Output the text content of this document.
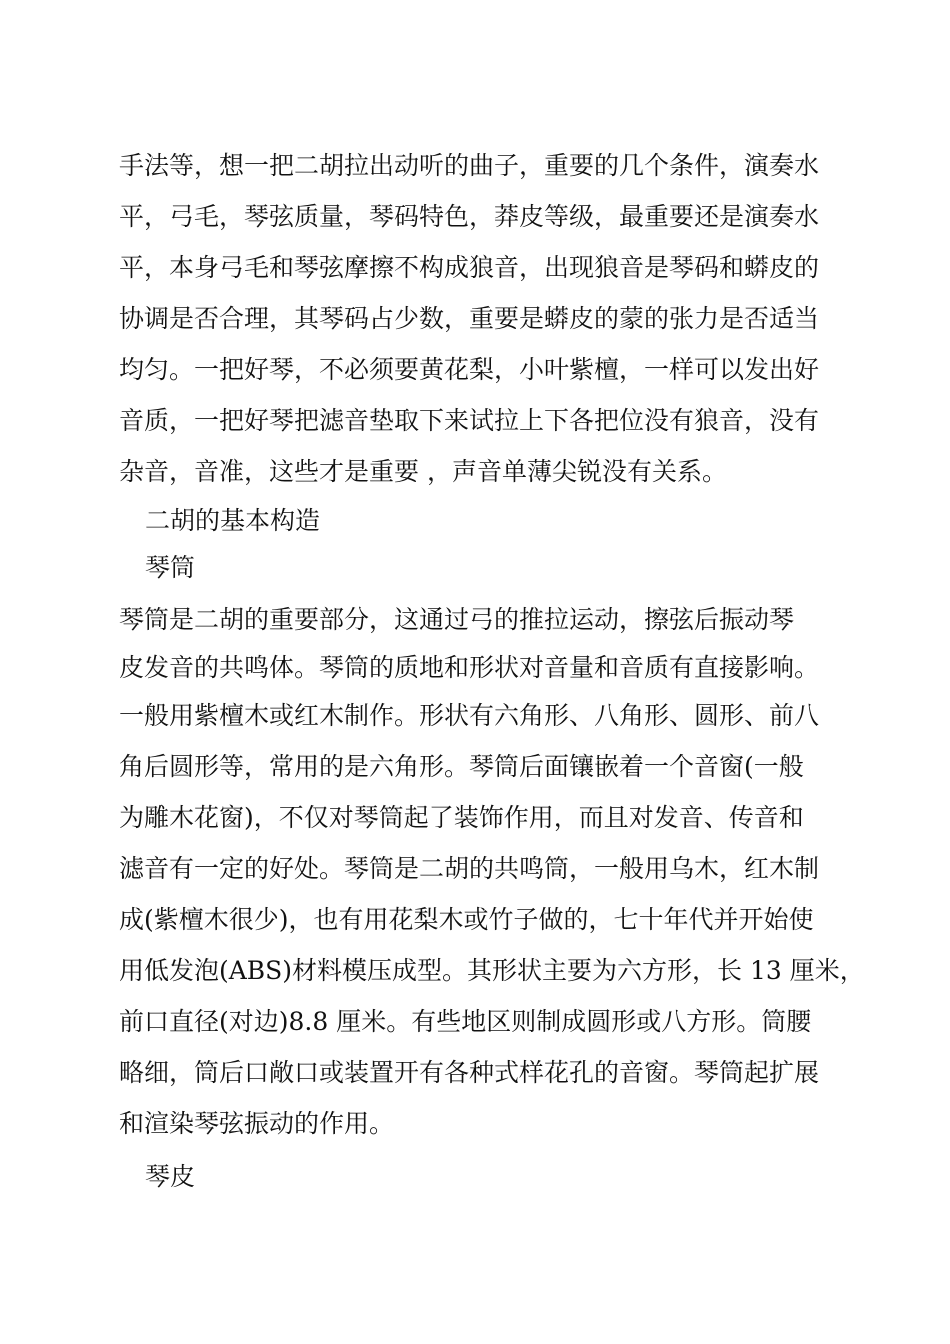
手法等，想一把二胡拉出动听的曲子，重要的几个条件，演奏水
平，弓毛，琴弦质量，琴码特色，莽皮等级，最重要还是演奏水
平，本身弓毛和琴弦摩擦不构成狼音，出现狼音是琴码和蟒皮的
协调是否合理，其琴码占少数，重要是蟒皮的蒙的张力是否适当
均匀。一把好琴，不必须要黄花梨，小叶紫檀，一样可以发出好
音质，一把好琴把滤音垫取下来试拉上下各把位没有狼音，没有
杂音，音准，这些才是重要 ，声音单薄尖锐没有关系。
二胡的基本构造
琴筒
琴筒是二胡的重要部分，这通过弓的推拉运动，擦弦后振动琴
皮发音的共鸣体。琴筒的质地和形状对音量和音质有直接影响。
一般用紫檀木或红木制作。形状有六角形、八角形、圆形、前八
角后圆形等，常用的是六角形。琴筒后面镶嵌着一个音窗(一般
为雕木花窗)，不仅对琴筒起了装饰作用，而且对发音、传音和
滤音有一定的好处。琴筒是二胡的共鸣筒，一般用乌木，红木制
成(紫檀木很少)，也有用花梨木或竹子做的，七十年代并开始使
用低发泡(ABS)材料模压成型。其形状主要为六方形，长 13 厘米，
前口直径(对边)8.8 厘米。有些地区则制成圆形或八方形。筒腰
略细，筒后口敞口或装置开有各种式样花孔的音窗。琴筒起扩展
和渲染琴弦振动的作用。
琴皮
